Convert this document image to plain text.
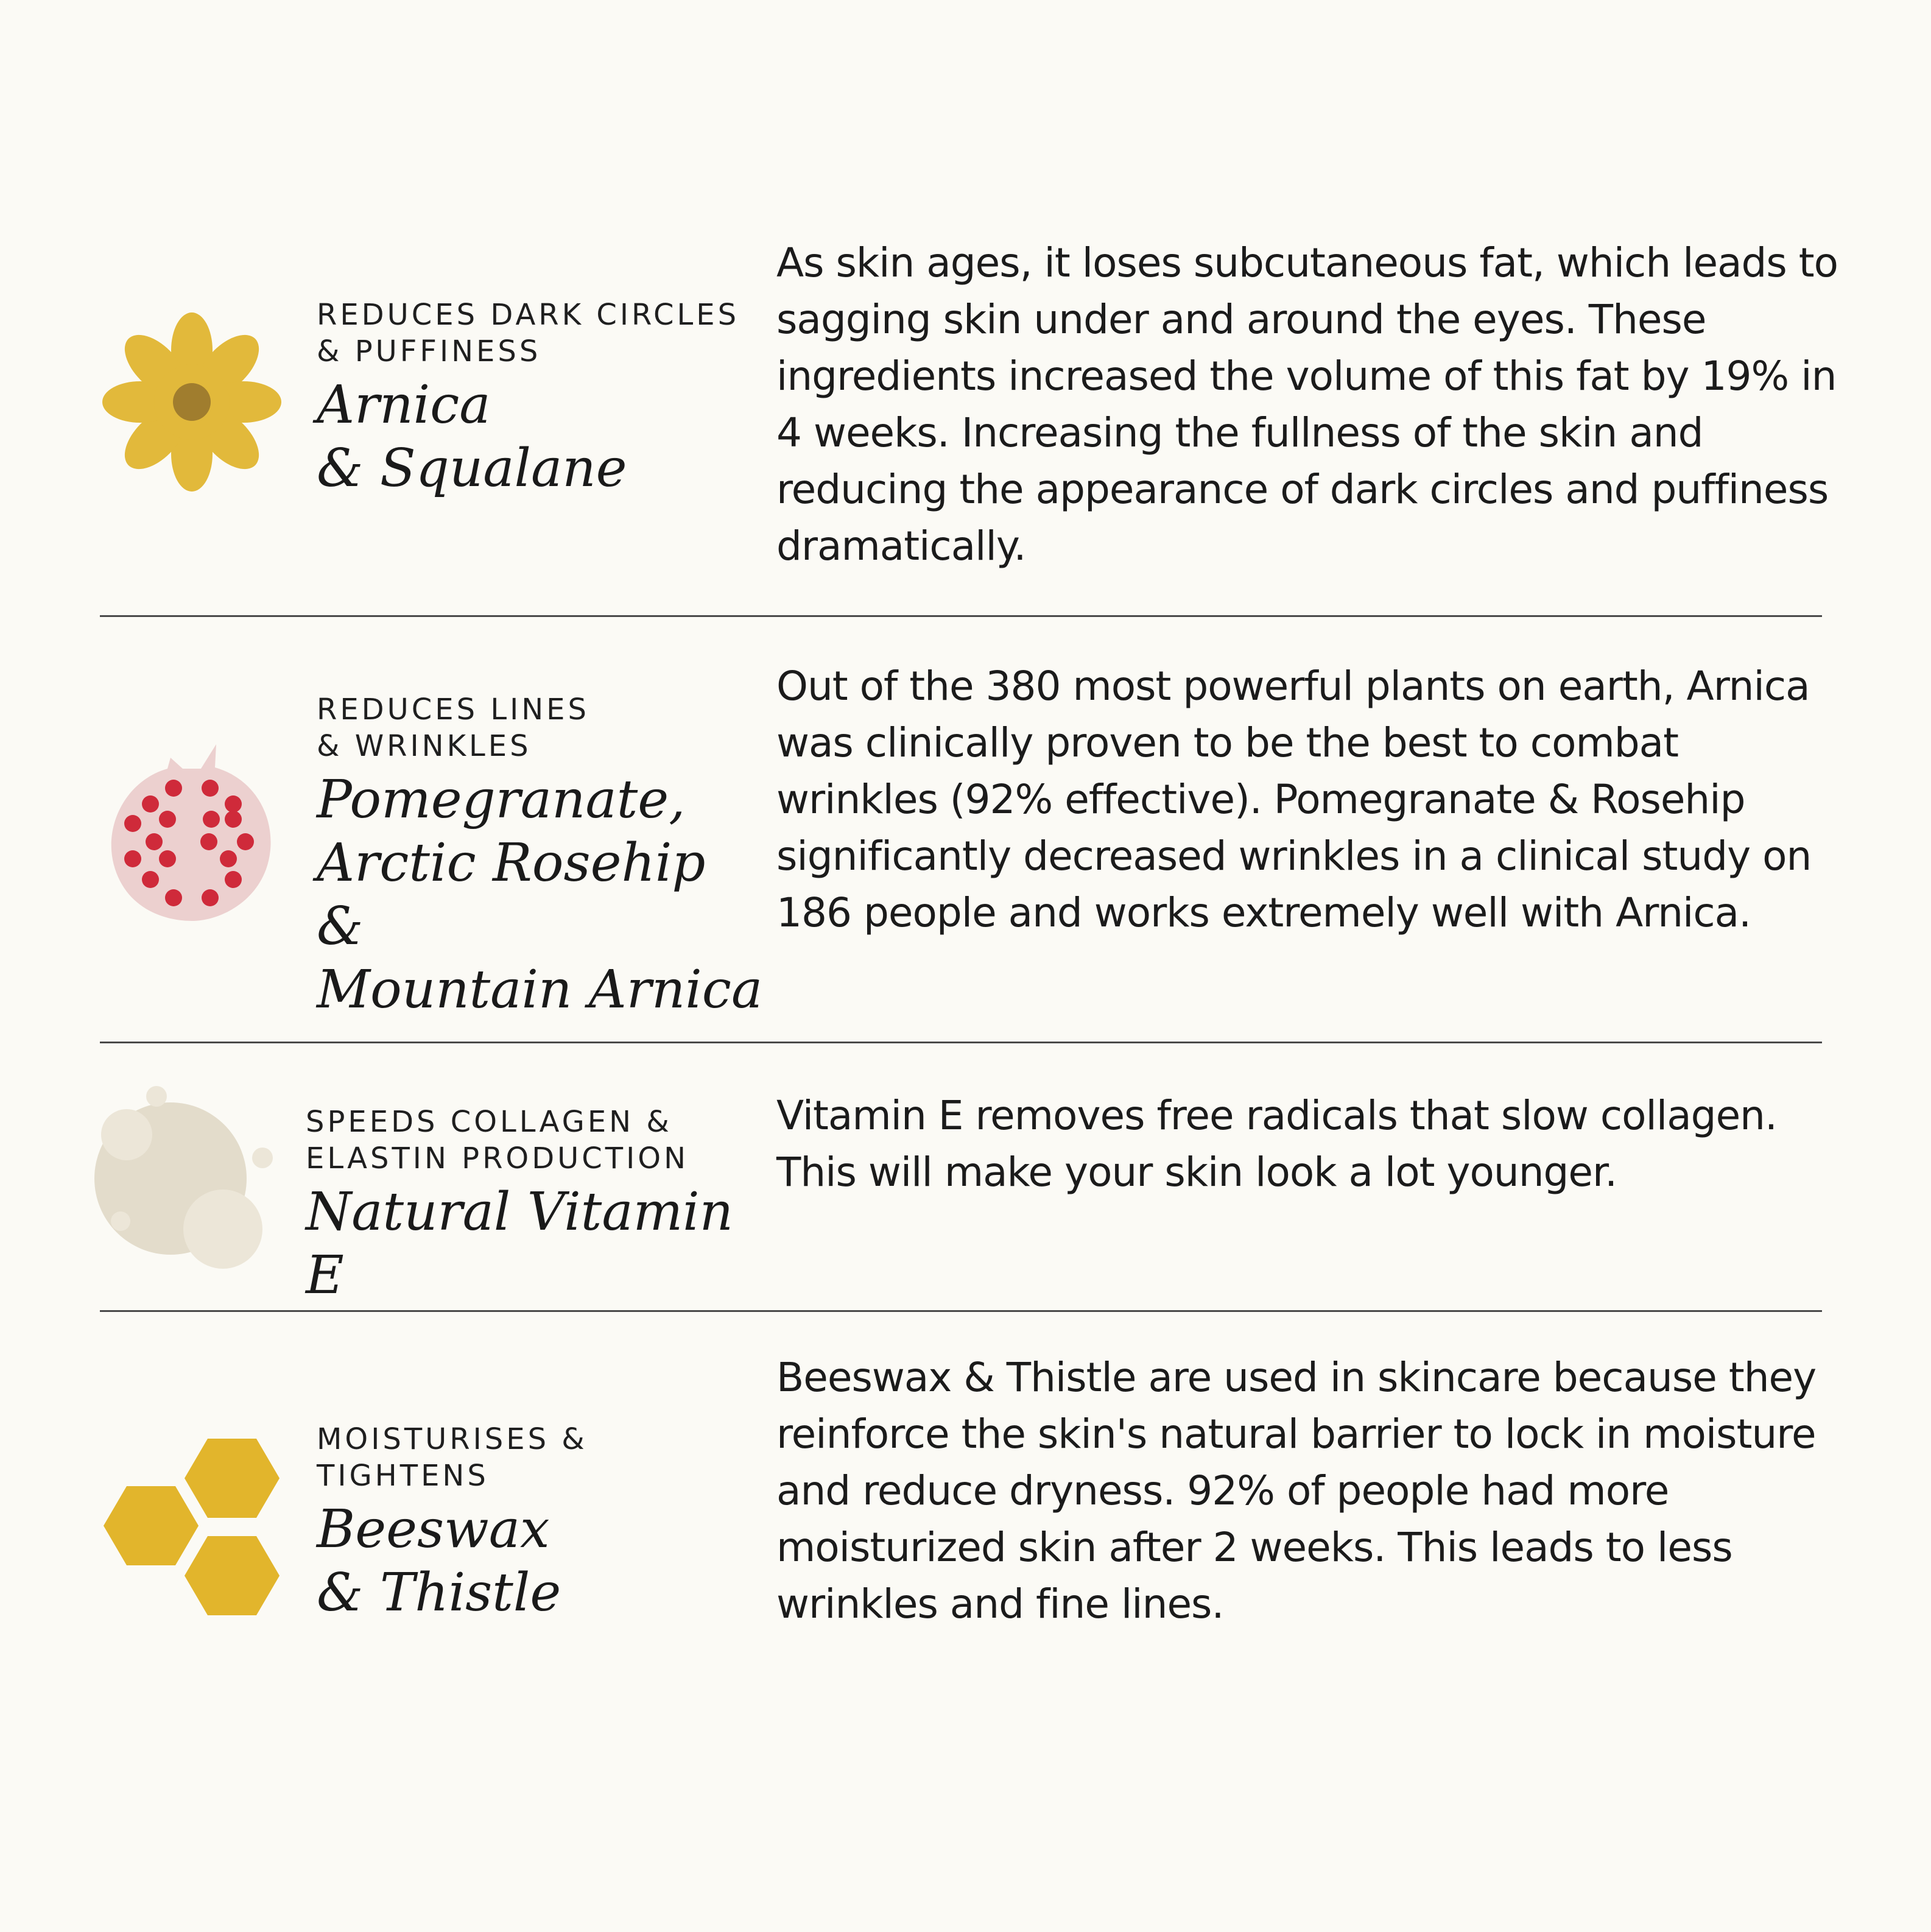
REDUCES DARK CIRCLES
& PUFFINESS

Arnica
& Squalane

As skin ages, it loses subcutaneous fat, which leads to sagging skin under and around the eyes. These ingredients increased the volume of this fat by 19% in 4 weeks. Increasing the fullness of the skin and reducing the appearance of dark circles and puffiness dramatically.

REDUCES LINES
& WRINKLES

Pomegranate,
Arctic Rosehip &
Mountain Arnica

Out of the 380 most powerful plants on earth, Arnica was clinically proven to be the best to combat wrinkles (92% effective). Pomegranate & Rosehip significantly decreased wrinkles in a clinical study on 186 people and works extremely well with Arnica.

SPEEDS COLLAGEN &
ELASTIN PRODUCTION

Natural Vitamin E

Vitamin E removes free radicals that slow collagen. This will make your skin look a lot younger.

MOISTURISES &
TIGHTENS

Beeswax
& Thistle

Beeswax & Thistle are used in skincare because they reinforce the skin's natural barrier to lock in moisture and reduce dryness. 92% of people had more moisturized skin after 2 weeks. This leads to less wrinkles and fine lines.
